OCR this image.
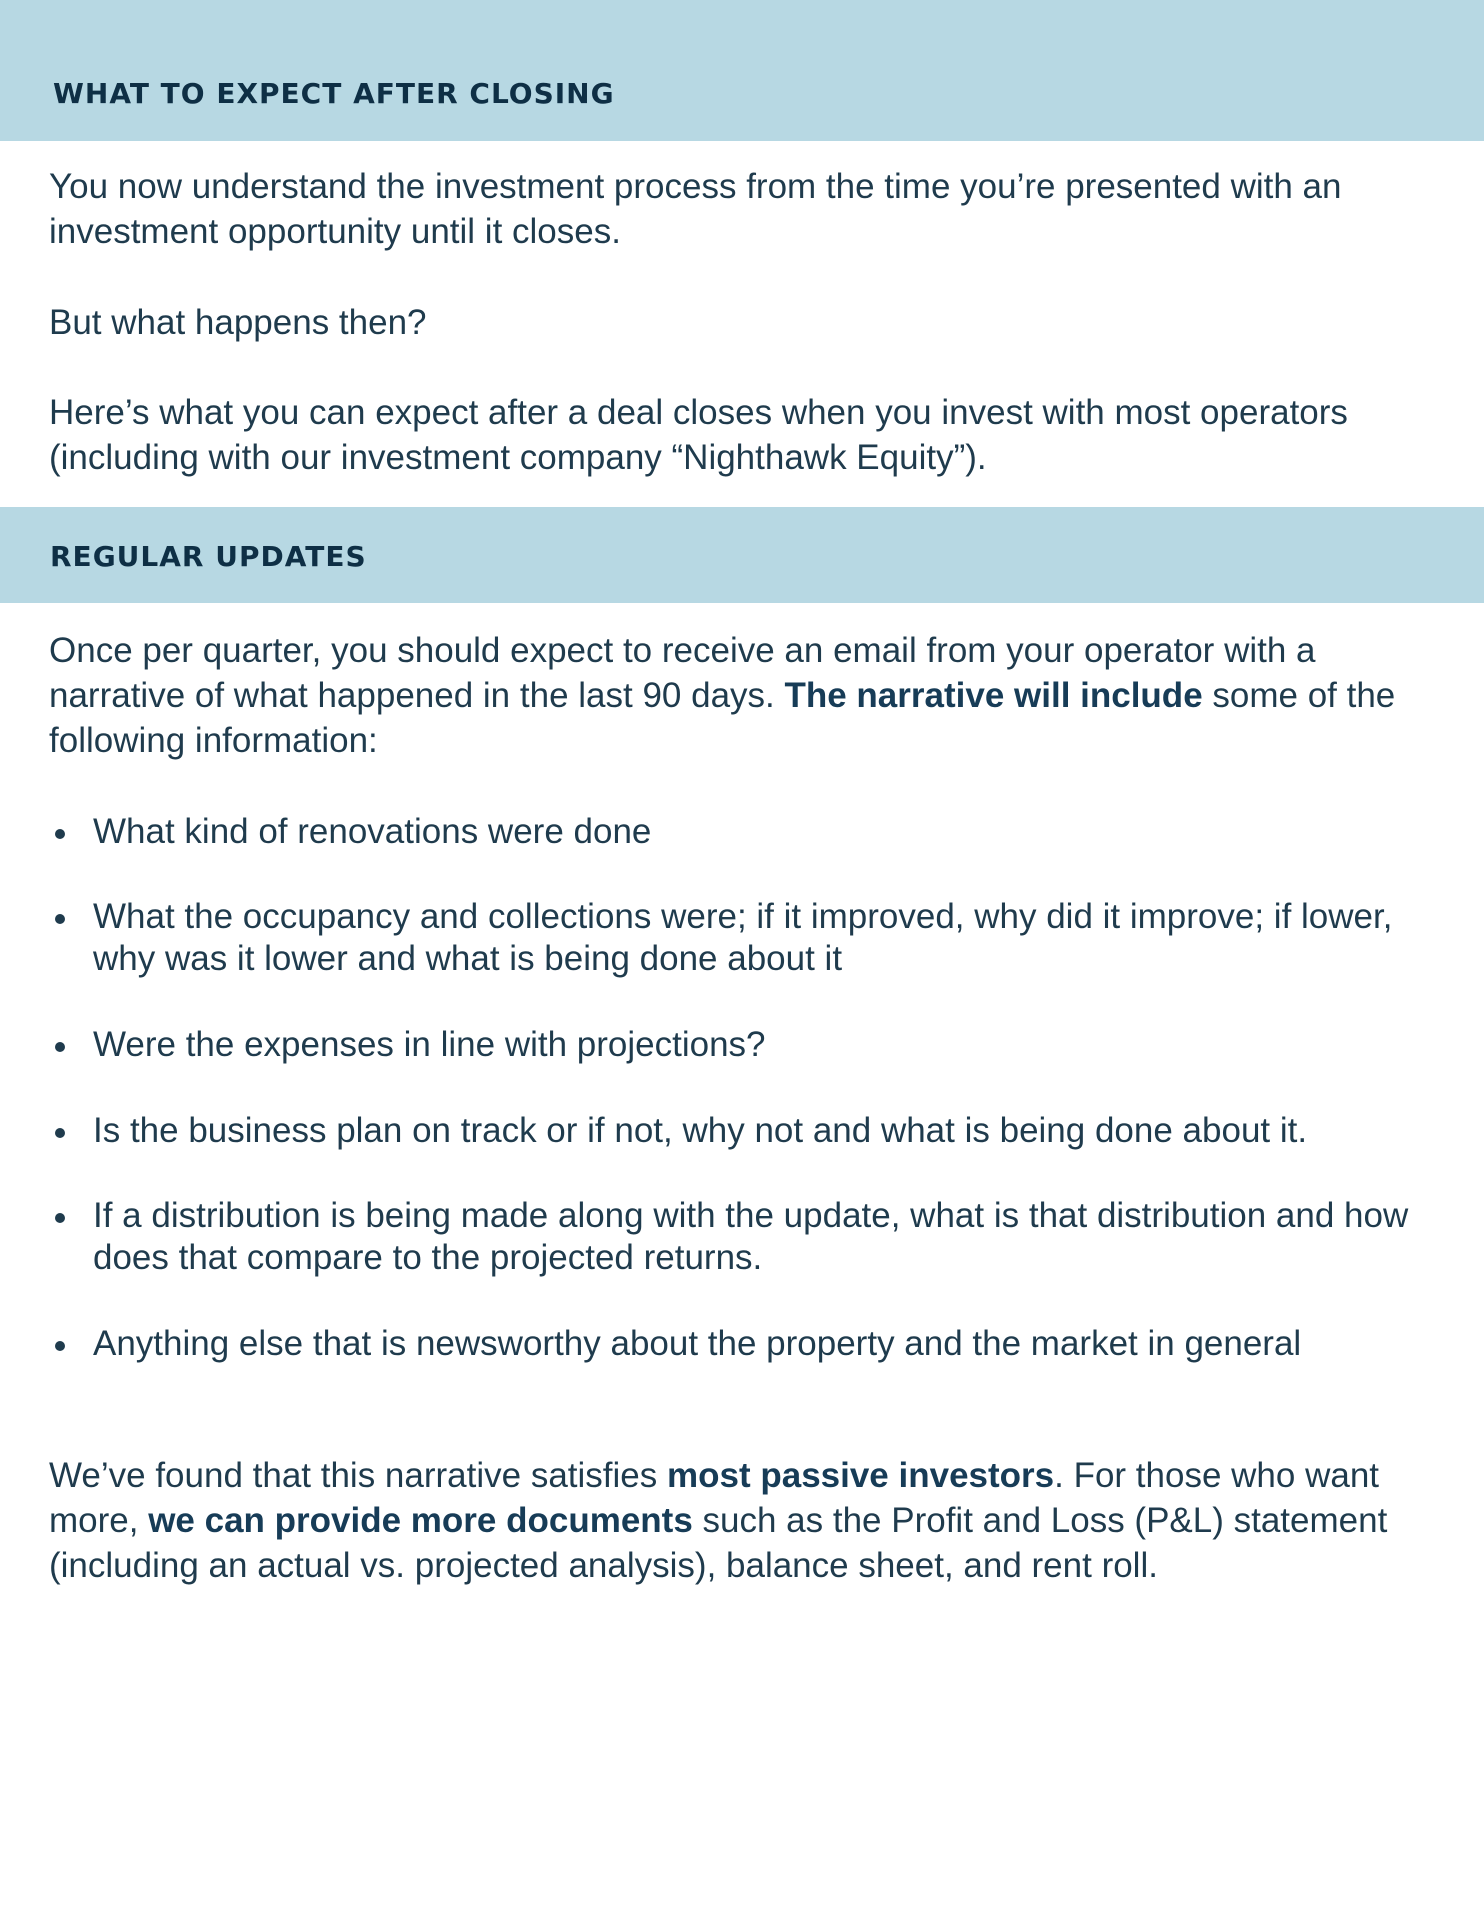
WHAT TO EXPECT AFTER CLOSING

You now understand the investment process from the time you’re presented with an investment opportunity until it closes.

But what happens then?

Here’s what you can expect after a deal closes when you invest with most operators (including with our investment company “Nighthawk Equity”).

REGULAR UPDATES

Once per quarter, you should expect to receive an email from your operator with a narrative of what happened in the last 90 days. The narrative will include some of the following information:

What kind of renovations were done
What the occupancy and collections were; if it improved, why did it improve; if lower, why was it lower and what is being done about it
Were the expenses in line with projections?
Is the business plan on track or if not, why not and what is being done about it.
If a distribution is being made along with the update, what is that distribution and how does that compare to the projected returns.
Anything else that is newsworthy about the property and the market in general

We’ve found that this narrative satisfies most passive investors. For those who want more, we can provide more documents such as the Profit and Loss (P&L) statement (including an actual vs. projected analysis), balance sheet, and rent roll.
